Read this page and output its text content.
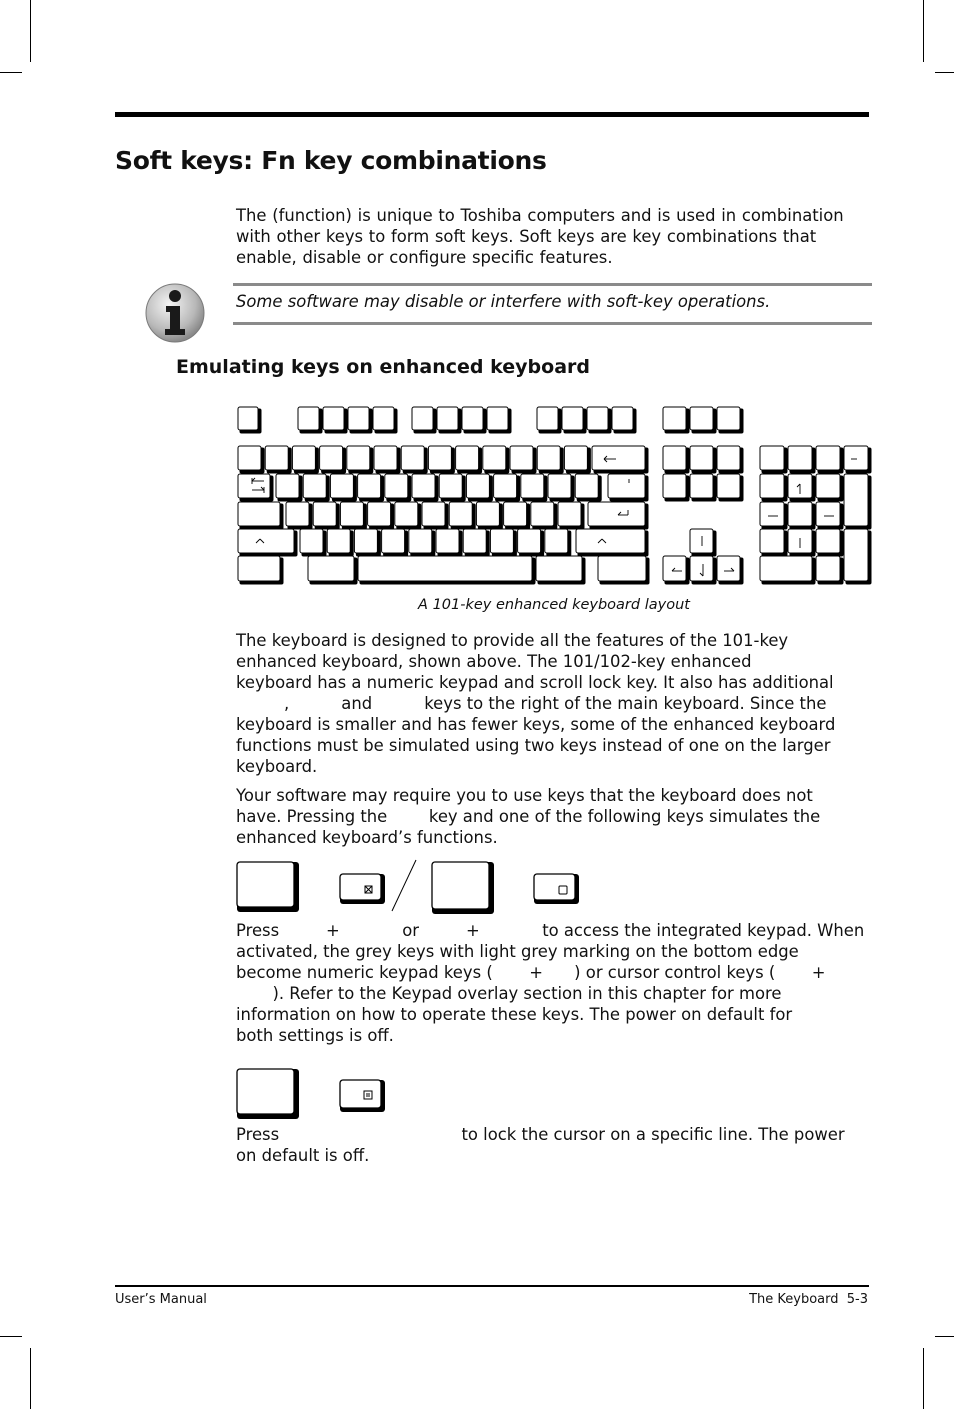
Soft keys: Fn key combinations

The (function) is unique to Toshiba computers and is used in combination with other keys to form soft keys. Soft keys are key combinations that enable, disable or configure specific features.

Some software may disable or interfere with soft-key operations.
Emulating keys on enhanced keyboard
A 101-key enhanced keyboard layout

The keyboard is designed to provide all the features of the 101-key

enhanced keyboard, shown above. The 101/102-key enhanced

keyboard has a numeric keypad and scroll lock key. It also has additional

,          and          keys to the right of the main keyboard. Since the

keyboard is smaller and has fewer keys, some of the enhanced keyboard

functions must be simulated using two keys instead of one on the larger

keyboard.

Your software may require you to use keys that the keyboard does not

have. Pressing the        key and one of the following keys simulates the

enhanced keyboard’s functions.

Press         +            or         +            to access the integrated keypad. When

activated, the grey keys with light grey marking on the bottom edge

become numeric keypad keys (       +      ) or cursor control keys (       +

). Refer to the Keypad overlay section in this chapter for more

information on how to operate these keys. The power on default for

both settings is off.

Press                                   to lock the cursor on a specific line. The power

on default is off.

User’s Manual	The Keyboard  5-3
